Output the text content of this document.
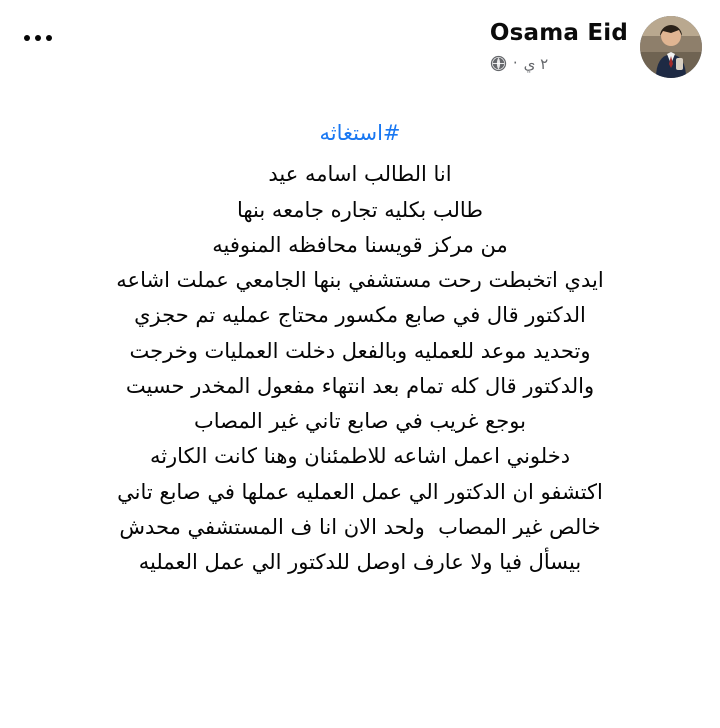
Osama Eid
٢ ي
·
#استغاثه
انا الطالب اسامه عيد
طالب بكليه تجاره جامعه بنها
من مركز قويسنا محافظه المنوفيه
ايدي اتخبطت رحت مستشفي بنها الجامعي عملت اشاعه
الدكتور قال في صابع مكسور محتاج عمليه تم حجزي
وتحديد موعد للعمليه وبالفعل دخلت العمليات وخرجت
والدكتور قال كله تمام بعد انتهاء مفعول المخدر حسيت
بوجع غريب في صابع تاني غير المصاب
دخلوني اعمل اشاعه للاطمئنان وهنا كانت الكارثه
اكتشفو ان الدكتور الي عمل العمليه عملها في صابع تاني
خالص غير المصاب  ولحد الان انا ف المستشفي محدش
بيسأل فيا ولا عارف اوصل للدكتور الي عمل العمليه
